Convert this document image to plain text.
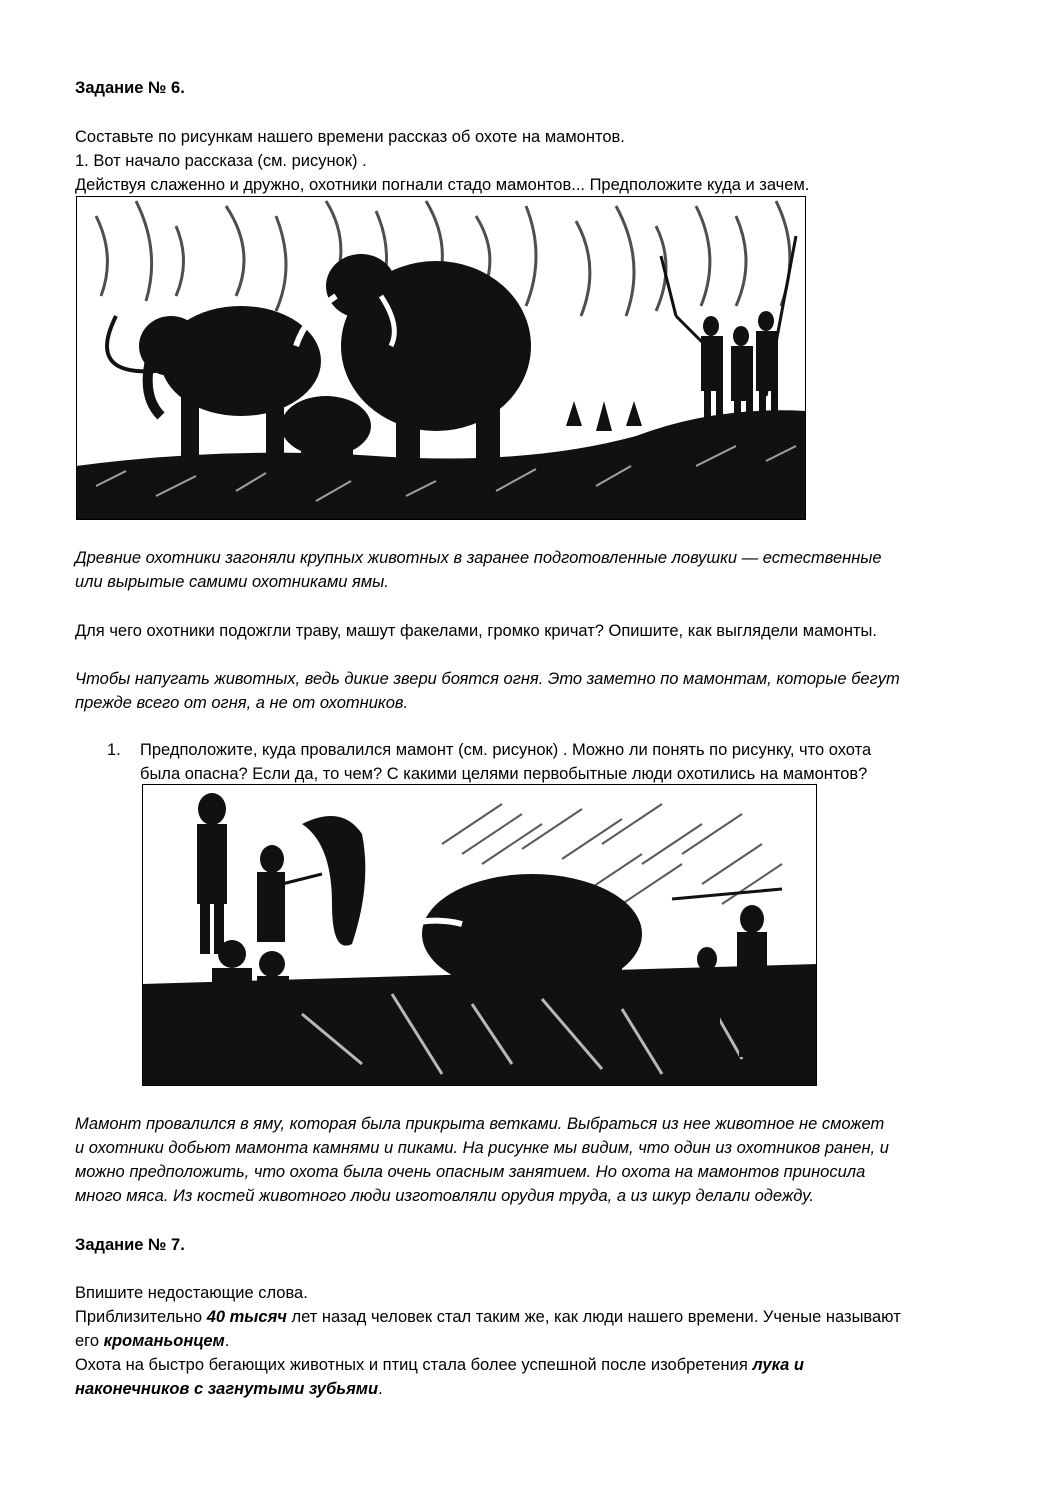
Задание № 6.
Составьте по рисункам нашего времени рассказ об охоте на мамонтов.
1. Вот начало рассказа (см. рисунок) .
Действуя слаженно и дружно, охотники погнали стадо мамонтов... Предположите куда и зачем.
Древние охотники загоняли крупных животных в заранее подготовленные ловушки — естественные
или вырытые самими охотниками ямы.
Для чего охотники подожгли траву, машут факелами, громко кричат? Опишите, как выглядели мамонты.
Чтобы напугать животных, ведь дикие звери боятся огня. Это заметно по мамонтам, которые бегут
прежде всего от огня, а не от охотников.
1. Предположите, куда провалился мамонт (см. рисунок) . Можно ли понять по рисунку, что охота
была опасна? Если да, то чем? С какими целями первобытные люди охотились на мамонтов?
Мамонт провалился в яму, которая была прикрыта ветками. Выбраться из нее животное не сможет
и охотники добьют мамонта камнями и пиками. На рисунке мы видим, что один из охотников ранен, и
можно предположить, что охота была очень опасным занятием. Но охота на мамонтов приносила
много мяса. Из костей животного люди изготовляли орудия труда, а из шкур делали одежду.
Задание № 7.
Впишите недостающие слова.
Приблизительно 40 тысяч лет назад человек стал таким же, как люди нашего времени. Ученые называют
его кроманьонцем.
Охота на быстро бегающих животных и птиц стала более успешной после изобретения лука и
наконечников с загнутыми зубьями.
